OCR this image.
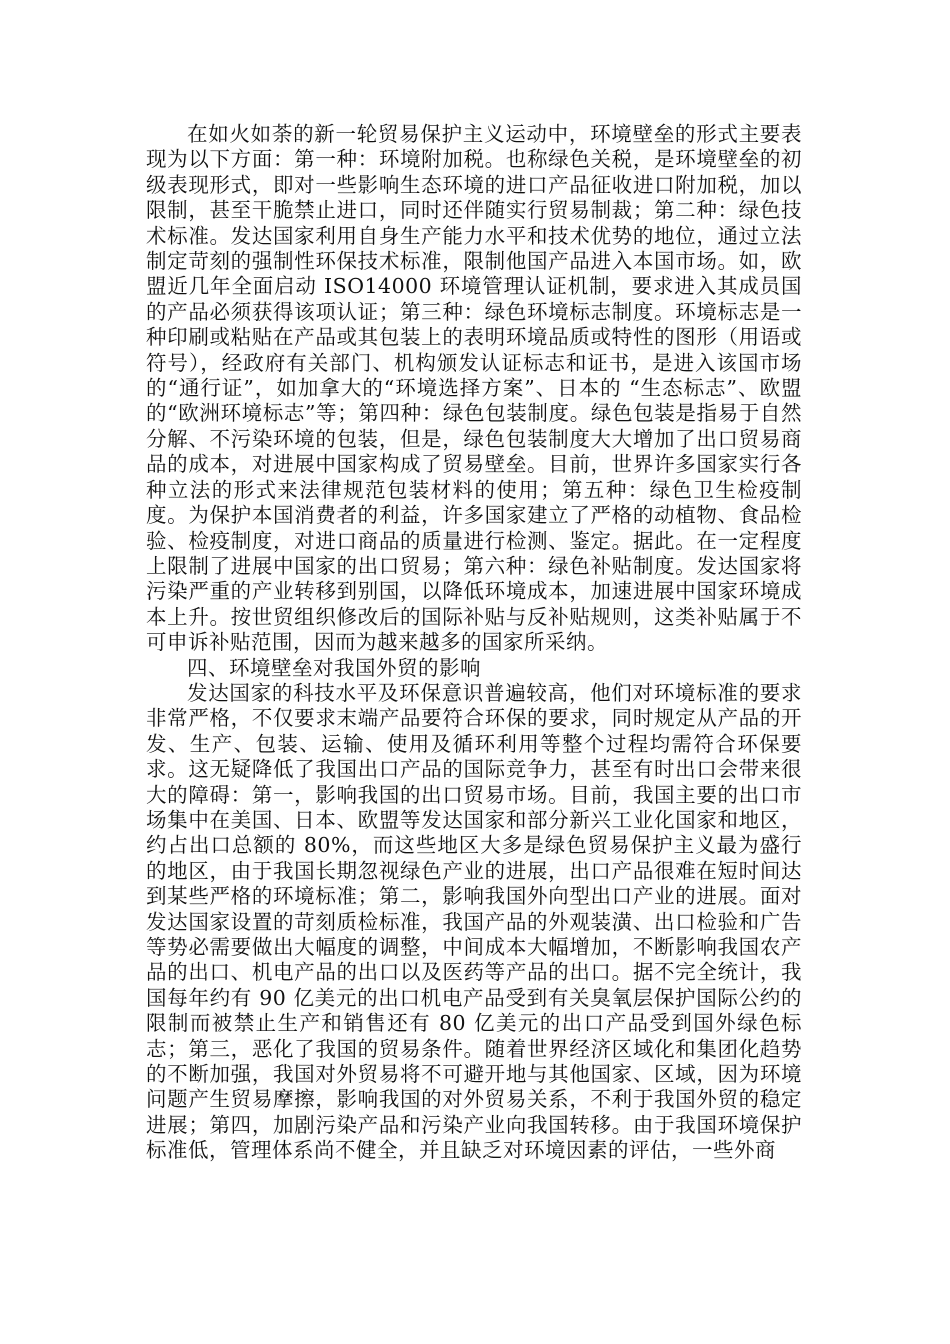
在如火如荼的新一轮贸易保护主义运动中，环境壁垒的形式主要表现为以下方面：第一种：环境附加税。也称绿色关税，是环境壁垒的初级表现形式，即对一些影响生态环境的进口产品征收进口附加税，加以限制，甚至干脆禁止进口，同时还伴随实行贸易制裁；第二种：绿色技术标准。发达国家利用自身生产能力水平和技术优势的地位，通过立法制定苛刻的强制性环保技术标准，限制他国产品进入本国市场。如，欧盟近几年全面启动 ISO14000 环境管理认证机制，要求进入其成员国的产品必须获得该项认证；第三种：绿色环境标志制度。环境标志是一种印刷或粘贴在产品或其包装上的表明环境品质或特性的图形（用语或符号），经政府有关部门、机构颁发认证标志和证书，是进入该国市场的“通行证”，如加拿大的“环境选择方案”、日本的 “生态标志”、欧盟的“欧洲环境标志”等；第四种：绿色包装制度。绿色包装是指易于自然分解、不污染环境的包装，但是，绿色包装制度大大增加了出口贸易商品的成本，对进展中国家构成了贸易壁垒。目前，世界许多国家实行各种立法的形式来法律规范包装材料的使用；第五种：绿色卫生检疫制度。为保护本国消费者的利益，许多国家建立了严格的动植物、食品检验、检疫制度，对进口商品的质量进行检测、鉴定。据此。在一定程度上限制了进展中国家的出口贸易；第六种：绿色补贴制度。发达国家将污染严重的产业转移到别国，以降低环境成本，加速进展中国家环境成本上升。按世贸组织修改后的国际补贴与反补贴规则，这类补贴属于不可申诉补贴范围，因而为越来越多的国家所采纳。

四、环境壁垒对我国外贸的影响

发达国家的科技水平及环保意识普遍较高，他们对环境标准的要求非常严格，不仅要求末端产品要符合环保的要求，同时规定从产品的开发、生产、包装、运输、使用及循环利用等整个过程均需符合环保要求。这无疑降低了我国出口产品的国际竞争力，甚至有时出口会带来很大的障碍：第一，影响我国的出口贸易市场。目前，我国主要的出口市场集中在美国、日本、欧盟等发达国家和部分新兴工业化国家和地区，约占出口总额的 80%，而这些地区大多是绿色贸易保护主义最为盛行的地区，由于我国长期忽视绿色产业的进展，出口产品很难在短时间达到某些严格的环境标准；第二，影响我国外向型出口产业的进展。面对发达国家设置的苛刻质检标准，我国产品的外观装潢、出口检验和广告等势必需要做出大幅度的调整，中间成本大幅增加，不断影响我国农产品的出口、机电产品的出口以及医药等产品的出口。据不完全统计，我国每年约有 90 亿美元的出口机电产品受到有关臭氧层保护国际公约的限制而被禁止生产和销售还有 80 亿美元的出口产品受到国外绿色标志；第三，恶化了我国的贸易条件。随着世界经济区域化和集团化趋势的不断加强，我国对外贸易将不可避开地与其他国家、区域，因为环境问题产生贸易摩擦，影响我国的对外贸易关系，不利于我国外贸的稳定进展；第四，加剧污染产品和污染产业向我国转移。由于我国环境保护标准低，管理体系尚不健全，并且缺乏对环境因素的评估，一些外商
